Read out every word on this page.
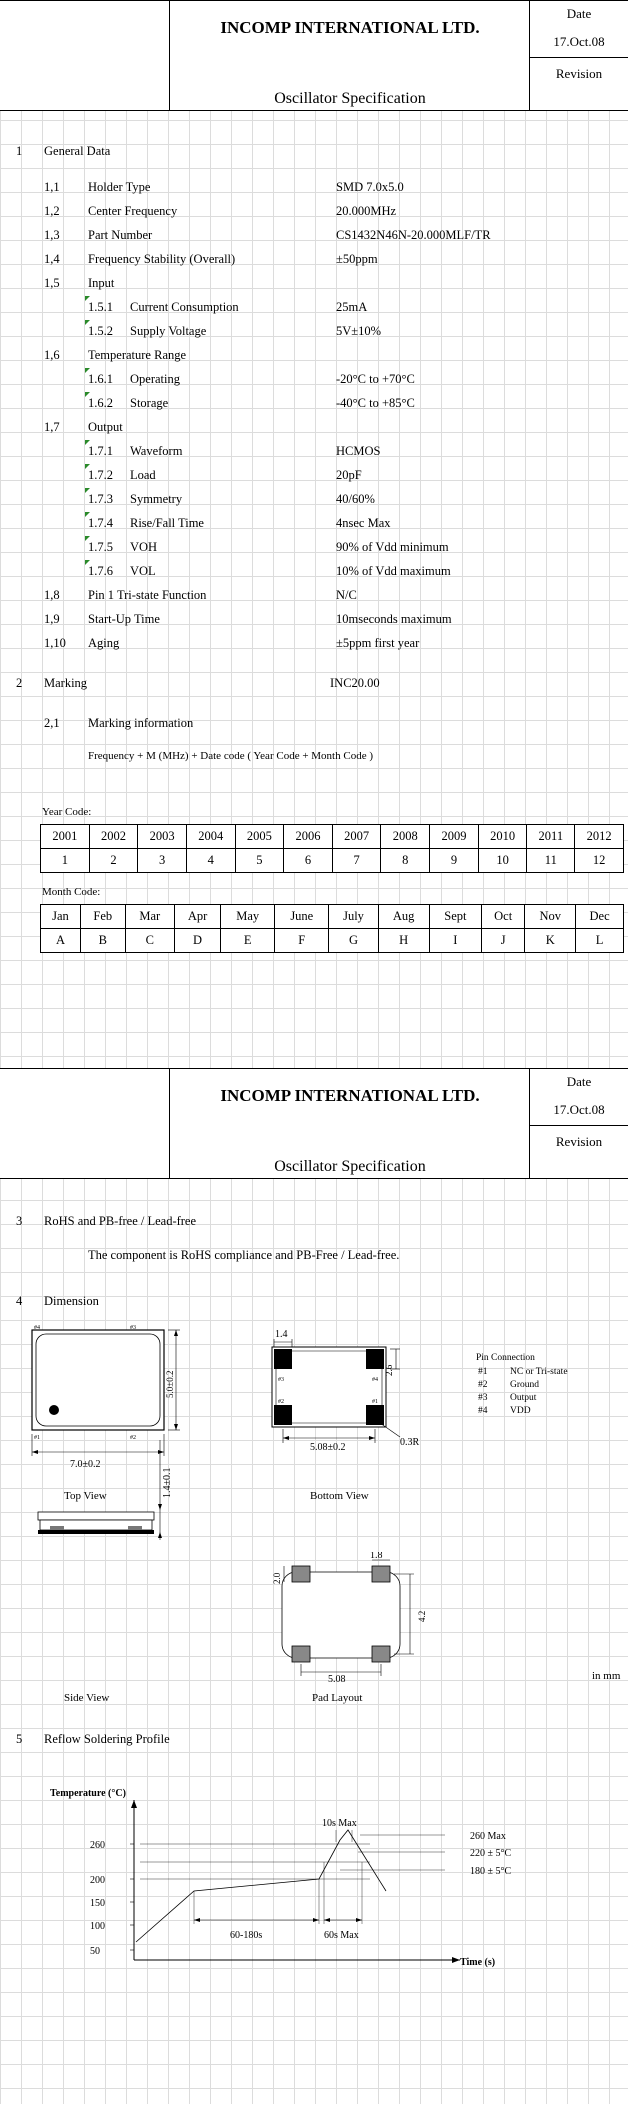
INCOMP INTERNATIONAL LTD.
Oscillator Specification
Date
17.Oct.08
Revision
1 General Data
1,1 Holder Type	SMD 7.0x5.0
1,2 Center Frequency	20.000MHz
1,3 Part Number	CS1432N46N-20.000MLF/TR
1,4 Frequency Stability (Overall)	±50ppm
1,5 Input
1.5.1 Current Consumption	25mA
1.5.2 Supply Voltage	5V±10%
1,6 Temperature Range
1.6.1 Operating	-20°C to +70°C
1.6.2 Storage	-40°C to +85°C
1,7 Output
1.7.1 Waveform	HCMOS
1.7.2 Load	20pF
1.7.3 Symmetry	40/60%
1.7.4 Rise/Fall Time	4nsec Max
1.7.5 VOH	90% of Vdd minimum
1.7.6 VOL	10% of Vdd maximum
1,8 Pin 1 Tri-state Function	N/C
1,9 Start-Up Time	10mseconds maximum
1,10 Aging	±5ppm first year
2 Marking	INC20.00
2,1 Marking information
Frequency + M (MHz) + Date code ( Year Code + Month Code )
Year Code:
2001	2002	2003	2004	2005	2006	2007	2008	2009	2010	2011	2012
1	2	3	4	5	6	7	8	9	10	11	12
Month Code:
Jan	Feb	Mar	Apr	May	June	July	Aug	Sept	Oct	Nov	Dec
A	B	C	D	E	F	G	H	I	J	K	L
INCOMP INTERNATIONAL LTD.
Oscillator Specification
Date
17.Oct.08
Revision
3 RoHS and PB-free / Lead-free
The component is RoHS compliance and PB-Free / Lead-free.
4 Dimension
#4	#3
#1	#2
7.0±0.2
5.0±0.2
Top View
#3	#4
#2	#1
1.4
2.6
5.08±0.2	0.3R
Bottom View
Pin Connection
#1 NC or Tri-state
#2 Ground
#3 Output
#4 VDD
1.4±0.1
Side View
1.8
2.0
4.2
5.08
Pad Layout
in mm
5 Reflow Soldering Profile
Temperature (°C)
Time (s)
50
100
150
200
260
260 Max
220 ± 5°C
180 ± 5°C
10s Max
60-180s	60s Max
